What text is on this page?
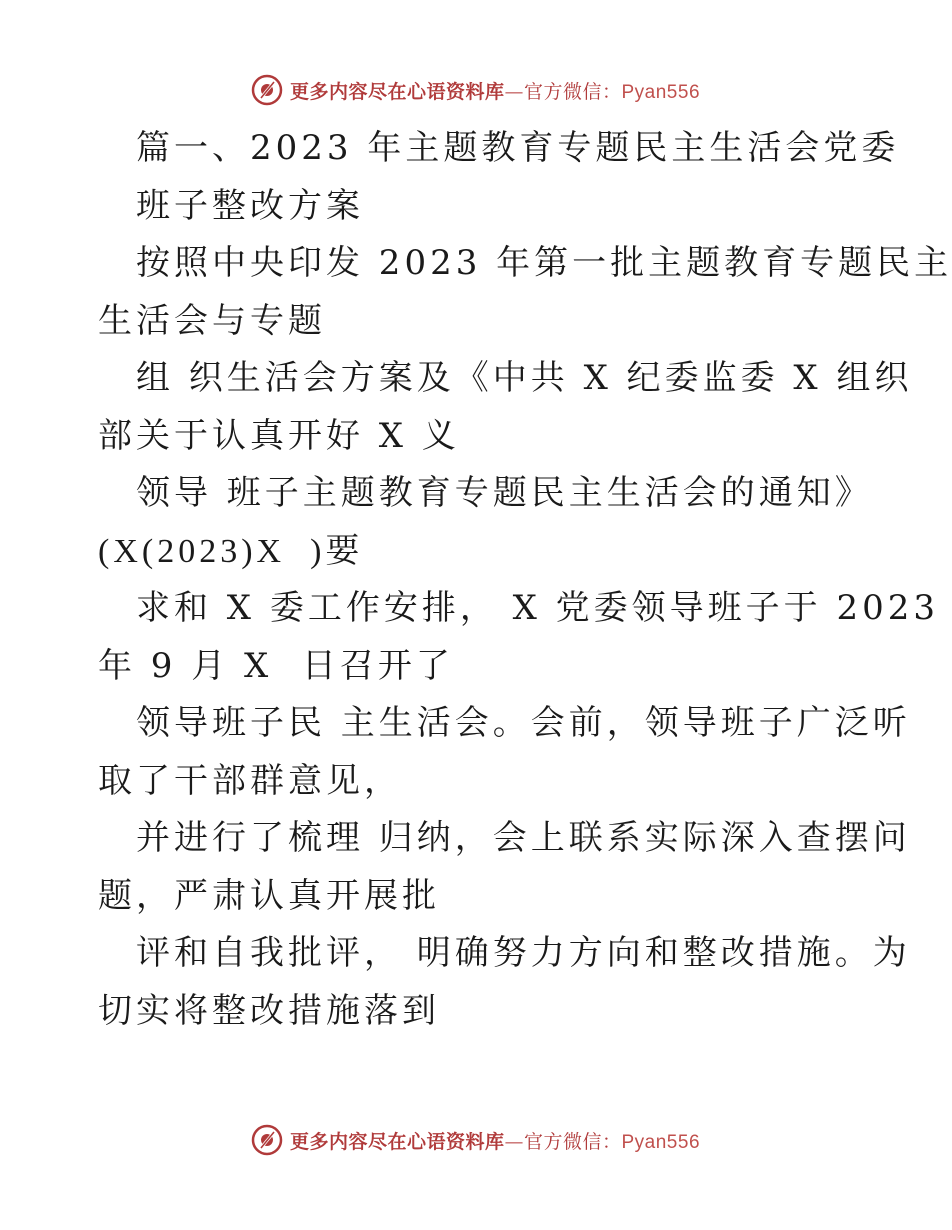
更多内容尽在心语资料库—官方微信：Pyan556
篇一、2023 年主题教育专题民主生活会党委
班子整改方案
按照中央印发 2023 年第一批主题教育专题民主
生活会与专题
组 织生活会方案及《中共 X 纪委监委 X 组织
部关于认真开好 X 义
领导 班子主题教育专题民主生活会的通知》
(X(2023)X  )要
求和 X 委工作安排， X 党委领导班子于 2023
年 9 月 X  日召开了
领导班子民 主生活会。会前，领导班子广泛听
取了干部群意见，
并进行了梳理 归纳，会上联系实际深入查摆问
题，严肃认真开展批
评和自我批评， 明确努力方向和整改措施。为
切实将整改措施落到
更多内容尽在心语资料库—官方微信：Pyan556
